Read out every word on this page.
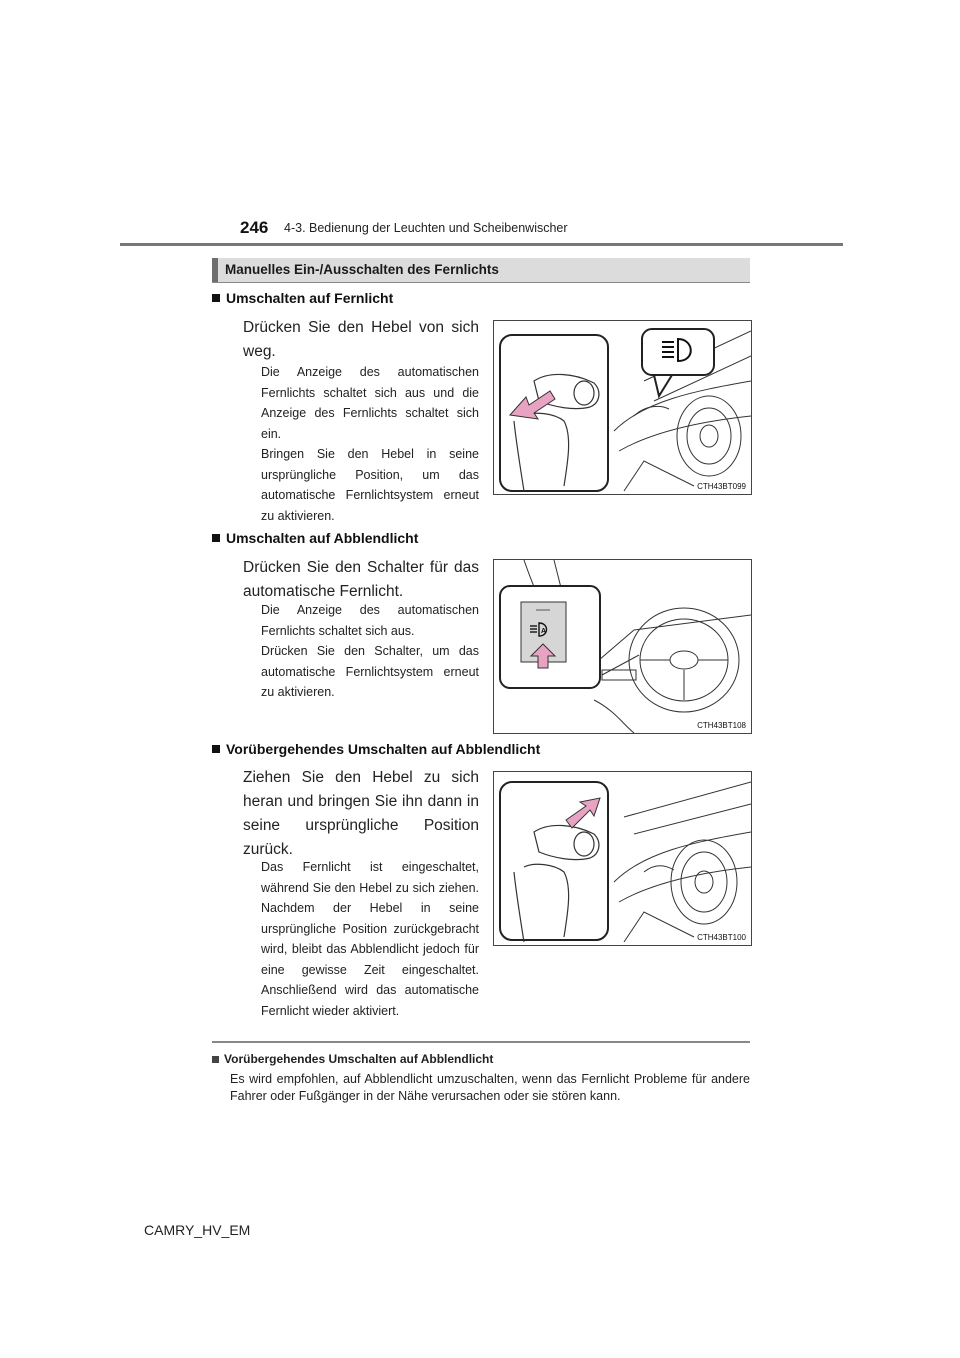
246 4-3. Bedienung der Leuchten und Scheibenwischer
Manuelles Ein-/Ausschalten des Fernlichts
Umschalten auf Fernlicht
Drücken Sie den Hebel von sich weg.
Die Anzeige des automatischen Fernlichts schaltet sich aus und die Anzeige des Fernlichts schaltet sich ein.
Bringen Sie den Hebel in seine ursprüngliche Position, um das automatische Fernlichtsystem erneut zu aktivieren.
CTH43BT099
Umschalten auf Abblendlicht
Drücken Sie den Schalter für das automatische Fernlicht.
Die Anzeige des automatischen Fernlichts schaltet sich aus.
Drücken Sie den Schalter, um das automatische Fernlichtsystem erneut zu aktivieren.
A
CTH43BT108
Vorübergehendes Umschalten auf Abblendlicht
Ziehen Sie den Hebel zu sich heran und bringen Sie ihn dann in seine ursprüngliche Position zurück.
Das Fernlicht ist eingeschaltet, während Sie den Hebel zu sich ziehen. Nachdem der Hebel in seine ursprüngliche Position zurückgebracht wird, bleibt das Abblendlicht jedoch für eine gewisse Zeit eingeschaltet. Anschließend wird das automatische Fernlicht wieder aktiviert.
CTH43BT100
Vorübergehendes Umschalten auf Abblendlicht
Es wird empfohlen, auf Abblendlicht umzuschalten, wenn das Fernlicht Probleme für andere Fahrer oder Fußgänger in der Nähe verursachen oder sie stören kann.
CAMRY_HV_EM
